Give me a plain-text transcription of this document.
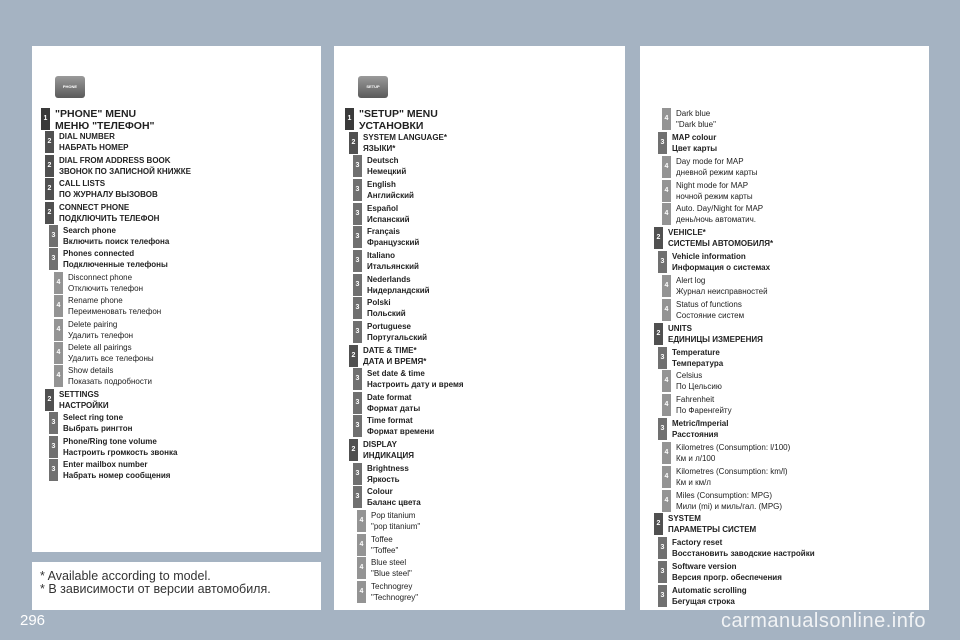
PHONE
1 "PHONE" MENU
МЕНЮ "ТЕЛЕФОН"
2
DIAL NUMBER
НАБРАТЬ НОМЕР
2
DIAL FROM ADDRESS BOOK
ЗВОНОК ПО ЗАПИСНОЙ КНИЖКЕ
2
CALL LISTS
ПО ЖУРНАЛУ ВЫЗОВОВ
2
CONNECT PHONE
ПОДКЛЮЧИТЬ ТЕЛЕФОН
3
Search phone
Включить поиск телефона
3
Phones connected
Подключенные телефоны
4
Disconnect phone
Отключить телефон
4
Rename phone
Переименовать телефон
4
Delete pairing
Удалить телефон
4
Delete all pairings
Удалить все телефоны
4
Show details
Показать подробности
2
SETTINGS
НАСТРОЙКИ
3
Select ring tone
Выбрать рингтон
3
Phone/Ring tone volume
Настроить громкость звонка
3
Enter mailbox number
Набрать номер сообщения
SETUP
1 "SETUP" MENU
УСТАНОВКИ
2
SYSTEM LANGUAGE*
ЯЗЫКИ*
3
Deutsch
Немецкий
3
English
Английский
3
Español
Испанский
3
Français
Французский
3
Italiano
Итальянский
3
Nederlands
Нидерландский
3
Polski
Польский
3
Portuguese
Португальский
2
DATE & TIME*
ДАТА И ВРЕМЯ*
3
Set date & time
Настроить дату и время
3
Date format
Формат даты
3
Time format
Формат времени
2
DISPLAY
ИНДИКАЦИЯ
3
Brightness
Яркость
3
Colour
Баланс цвета
4
Pop titanium
"pop titanium"
4
Toffee
"Toffee"
4
Blue steel
"Blue steel"
4
Technogrey
"Technogrey"
4
Dark blue
"Dark blue"
3
MAP colour
Цвет карты
4
Day mode for MAP
дневной режим карты
4
Night mode for MAP
ночной режим карты
4
Auto. Day/Night for MAP
день/ночь автоматич.
2
VEHICLE*
СИСТЕМЫ АВТОМОБИЛЯ*
3
Vehicle information
Информация о системах
4
Alert log
Журнал неисправностей
4
Status of functions
Состояние систем
2
UNITS
ЕДИНИЦЫ ИЗМЕРЕНИЯ
3
Temperature
Температура
4
Celsius
По Цельсию
4
Fahrenheit
По Фаренгейту
3
Metric/Imperial
Расстояния
4
Kilometres (Consumption: l/100)
Км и л/100
4
Kilometres (Consumption: km/l)
Км и км/л
4
Miles (Consumption: MPG)
Мили (mi) и миль/гал. (MPG)
2
SYSTEM
ПАРАМЕТРЫ СИСТЕМ
3
Factory reset
Восстановить заводские настройки
3
Software version
Версия прогр. обеспечения
3
Automatic scrolling
Бегущая строка
* Available according to model.
* В зависимости от версии автомобиля.
296	carmanualsonline.info
